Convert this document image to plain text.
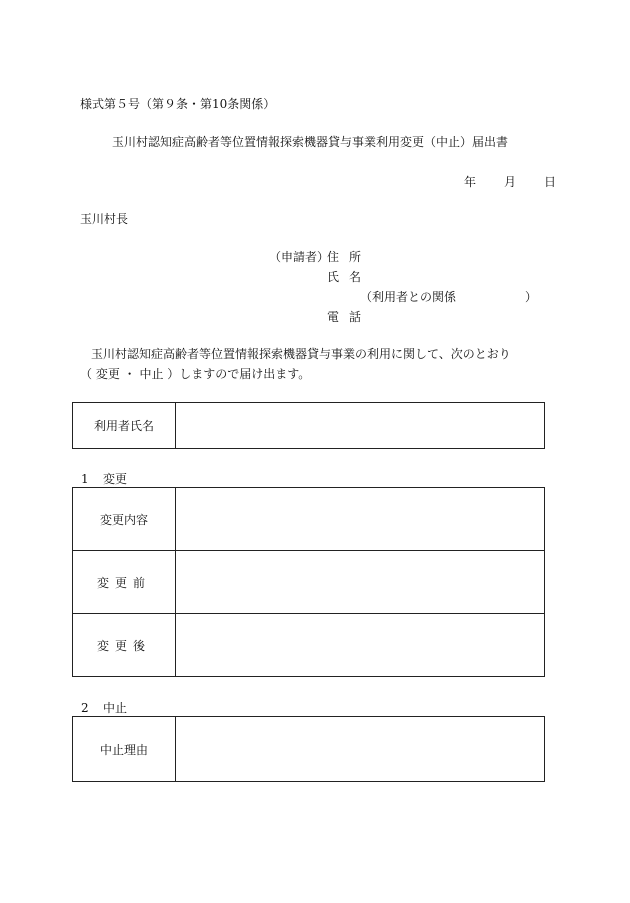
様式第５号（第９条・第10条関係）
玉川村認知症高齢者等位置情報探索機器貸与事業利用変更（中止）届出書
年 月 日
玉川村長
（申請者）
住所
氏名
（利用者との関係	）
電話
玉川村認知症高齢者等位置情報探索機器貸与事業の利用に関して、次のとおり
（ 変更 ・ 中止 ）しますので届け出ます。
利用者氏名	
1 変更
変更内容	
変更前	
変更後	
2 中止
中止理由	
